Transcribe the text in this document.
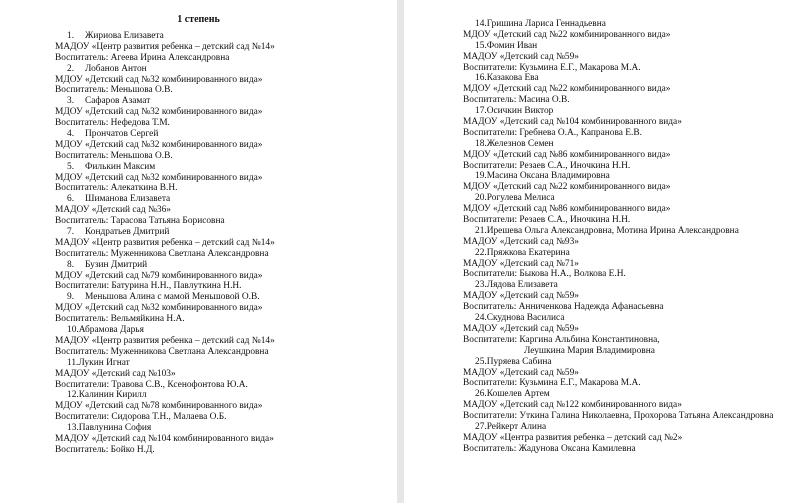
1 степень
1. Жириова Елизавета
МАДОУ «Центр развития ребенка – детский сад №14»
Воспитатель: Агеева Ирина Александровна
2. Лобанов Антон
МДОУ «Детский сад №32 комбинированного вида»
Воспитатель: Меньшова О.В.
3. Сафаров Азамат
МДОУ «Детский сад №32 комбинированного вида»
Воспитатель: Нефедова Т.М.
4. Прончатов Сергей
МДОУ «Детский сад №32 комбинированного вида»
Воспитатель: Меньшова О.В.
5. Филькин Максим
МДОУ «Детский сад №32 комбинированного вида»
Воспитатель: Алекаткина В.Н.
6. Шиманова Елизавета
МАДОУ «Детский сад №36»
Воспитатель: Тарасова Татьяна Борисовна
7. Кондратьев Дмитрий
МАДОУ «Центр развития ребенка – детский сад №14»
Воспитатель: Муженникова Светлана Александровна
8. Бузин Дмитрий
МДОУ «Детский сад №79 комбинированного вида»
Воспитатели: Батурина Н.Н., Павлуткина Н.Н.
9. Меньшова Алина с мамой Меньшовой О.В.
МДОУ «Детский сад №32 комбинированного вида»
Воспитатель: Вельмяйкина Н.А.
10.Абрамова Дарья
МАДОУ «Центр развития ребенка – детский сад №14»
Воспитатель: Муженникова Светлана Александровна
11.Лукин Игнат
МАДОУ «Детский сад №103»
Воспитатели: Травова С.В., Ксенофонтова Ю.А.
12.Калинин Кирилл
МДОУ «Детский сад №78 комбинированного вида»
Воспитатели: Сидорова Т.Н., Малаева О.Б.
13.Павлунина София
МАДОУ «Детский сад №104 комбинированного вида»
Воспитатель: Бойко Н.Д.
14.Гришина Лариса Геннадьевна
МДОУ «Детский сад №22 комбинированного вида»
15.Фомин Иван
МАДОУ «Детский сад №59»
Воспитатели: Кузьмина Е.Г., Макарова М.А.
16.Казакова Ева
МДОУ «Детский сад №22 комбинированного вида»
Воспитатель: Масина О.В.
17.Осичкин Виктор
МАДОУ «Детский сад №104 комбинированного вида»
Воспитатели: Гребнева О.А., Капранова Е.В.
18.Железнов Семен
МДОУ «Детский сад №86 комбинированного вида»
Воспитатели: Резаев С.А., Иночкина Н.Н.
19.Масина Оксана Владимировна
МДОУ «Детский сад №22 комбинированного вида»
20.Рогулева Мелиса
МДОУ «Детский сад №86 комбинированного вида»
Воспитатели: Резаев С.А., Иночкина Н.Н.
21.Ирешева Ольга Александровна, Мотина Ирина Александровна
МАДОУ «Детский сад №93»
22.Пряжкова Екатерина
МАДОУ «Детский сад №71»
Воспитатели: Быкова Н.А., Волкова Е.Н.
23.Лядова Елизавета
МАДОУ «Детский сад №59»
Воспитатель: Анниченкова Надежда Афанасьевна
24.Скуднова Василиса
МАДОУ «Детский сад №59»
Воспитатели: Каргина Альбина Константиновна,
Леушкина Мария Владимировна
25.Пуряева Сабина
МАДОУ «Детский сад №59»
Воспитатели: Кузьмина Е.Г., Макарова М.А.
26.Кошелев Артем
МАДОУ «Детский сад №122 комбинированного вида»
Воспитатели: Уткина Галина Николаевна, Прохорова Татьяна Александровна
27.Рейкерт Алина
МАДОУ «Центра развития ребенка – детский сад №2»
Воспитатель: Жадунова Оксана Камилевна
